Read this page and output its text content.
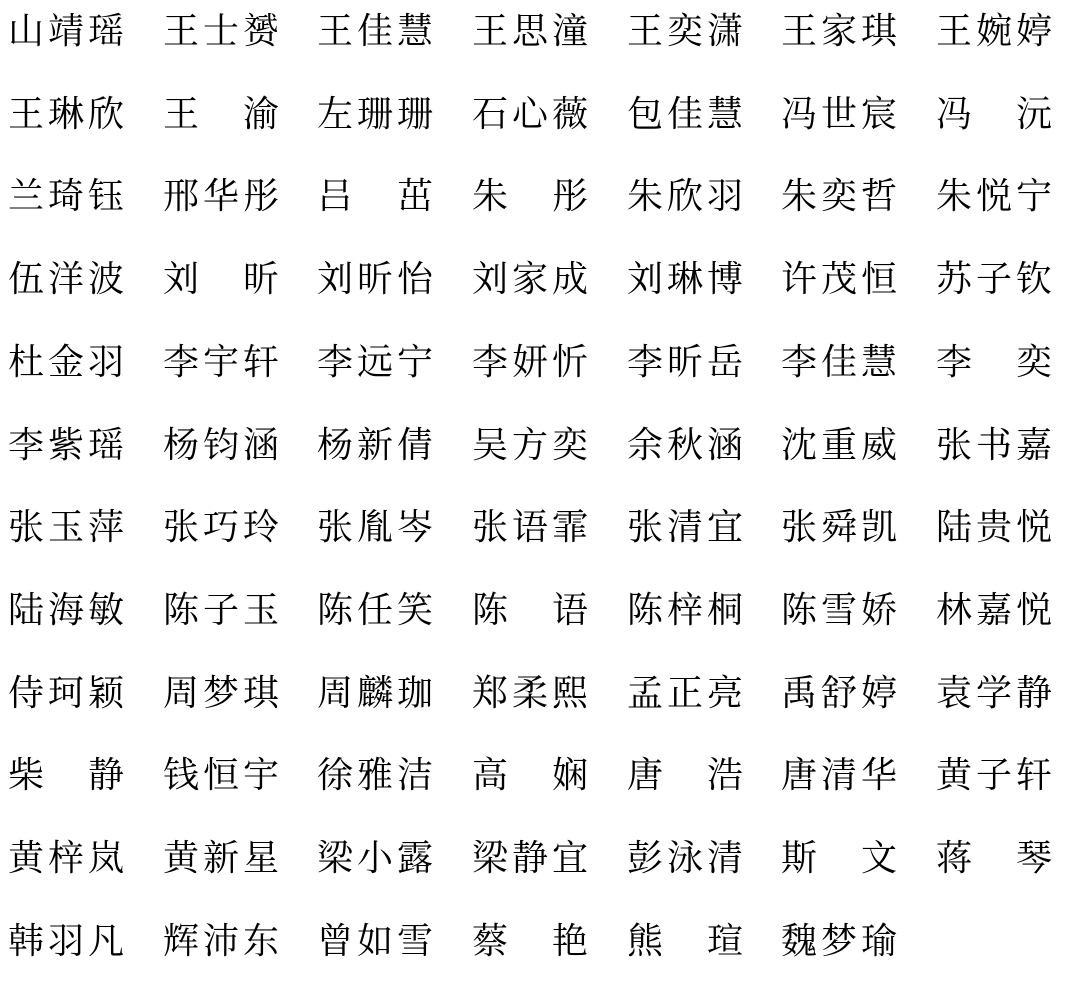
山 靖 瑶 王 士 赟 王 佳 慧 王 思 潼 王 奕 潇 王 家 琪 王 婉 婷
王 琳 欣 王 渝 左 珊 珊 石 心 薇 包 佳 慧 冯 世 宸 冯 沅
兰 琦 钰 邢 华 彤 吕 茁 朱 彤 朱 欣 羽 朱 奕 哲 朱 悦 宁
伍 洋 波 刘 昕 刘 昕 怡 刘 家 成 刘 琳 博 许 茂 恒 苏 子 钦
杜 金 羽 李 宇 轩 李 远 宁 李 妍 忻 李 昕 岳 李 佳 慧 李 奕
李 紫 瑶 杨 钧 涵 杨 新 倩 吴 方 奕 余 秋 涵 沈 重 威 张 书 嘉
张 玉 萍 张 巧 玲 张 胤 岑 张 语 霏 张 清 宜 张 舜 凯 陆 贵 悦
陆 海 敏 陈 子 玉 陈 任 笑 陈 语 陈 梓 桐 陈 雪 娇 林 嘉 悦
侍 珂 颖 周 梦 琪 周 麟 珈 郑 柔 熙 孟 正 亮 禹 舒 婷 袁 学 静
柴 静 钱 恒 宇 徐 雅 洁 高 娴 唐 浩 唐 清 华 黄 子 轩
黄 梓 岚 黄 新 星 梁 小 露 梁 静 宜 彭 泳 清 斯 文 蒋 琴
韩 羽 凡 辉 沛 东 曾 如 雪 蔡 艳 熊 瑄 魏 梦 瑜
